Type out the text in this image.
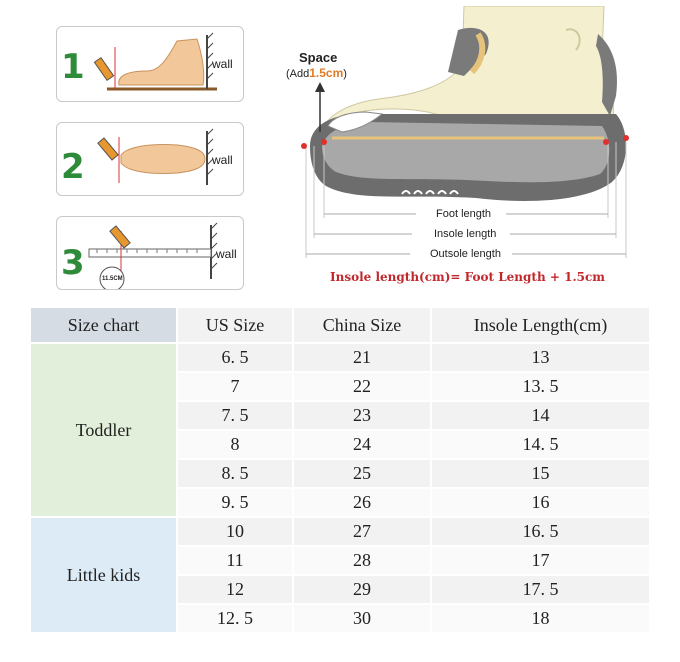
1	wall
2	wall
3	wall
11.5CM
Space
(Add1.5cm)
Foot length
Insole length
Outsole length
Insole length(cm)= Foot Length + 1.5cm
Size chart	US Size	China Size	Insole Length(cm)
Toddler	6. 5	21	13
	7	22	13. 5
	7. 5	23	14
	8	24	14. 5
	8. 5	25	15
	9. 5	26	16
Little kids	10	27	16. 5
	11	28	17
	12	29	17. 5
	12. 5	30	18
